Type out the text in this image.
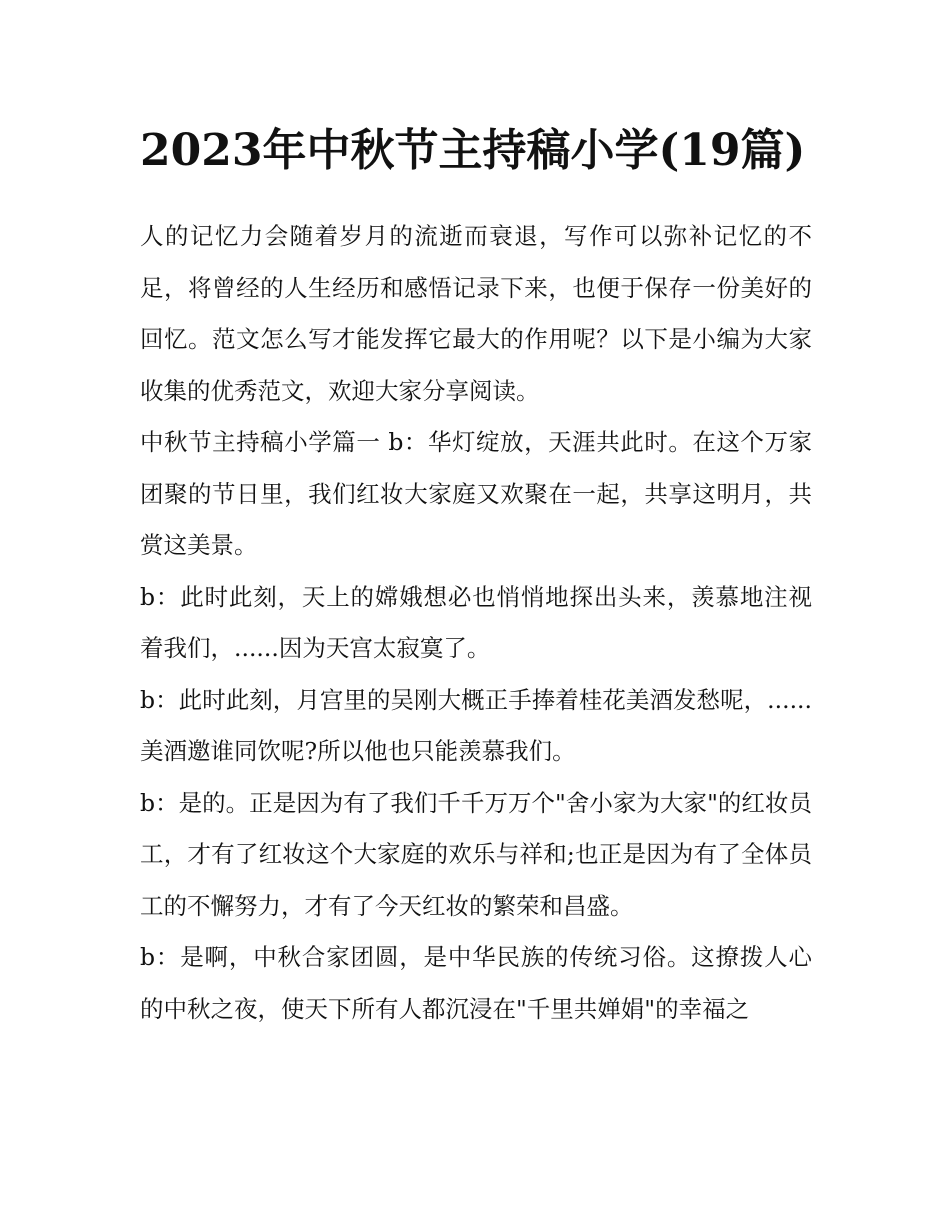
2023年中秋节主持稿小学(19篇)

人的记忆力会随着岁月的流逝而衰退，写作可以弥补记忆的不足，将曾经的人生经历和感悟记录下来，也便于保存一份美好的回忆。范文怎么写才能发挥它最大的作用呢？以下是小编为大家收集的优秀范文，欢迎大家分享阅读。

中秋节主持稿小学篇一 b：华灯绽放，天涯共此时。在这个万家团聚的节日里，我们红妆大家庭又欢聚在一起，共享这明月，共赏这美景。

b：此时此刻，天上的嫦娥想必也悄悄地探出头来，羡慕地注视着我们，......因为天宫太寂寞了。

b：此时此刻，月宫里的吴刚大概正手捧着桂花美酒发愁呢，......美酒邀谁同饮呢?所以他也只能羡慕我们。

b：是的。正是因为有了我们千千万万个"舍小家为大家"的红妆员工，才有了红妆这个大家庭的欢乐与祥和;也正是因为有了全体员工的不懈努力，才有了今天红妆的繁荣和昌盛。

b：是啊，中秋合家团圆，是中华民族的传统习俗。这撩拨人心的中秋之夜，使天下所有人都沉浸在"千里共婵娟"的幸福之
